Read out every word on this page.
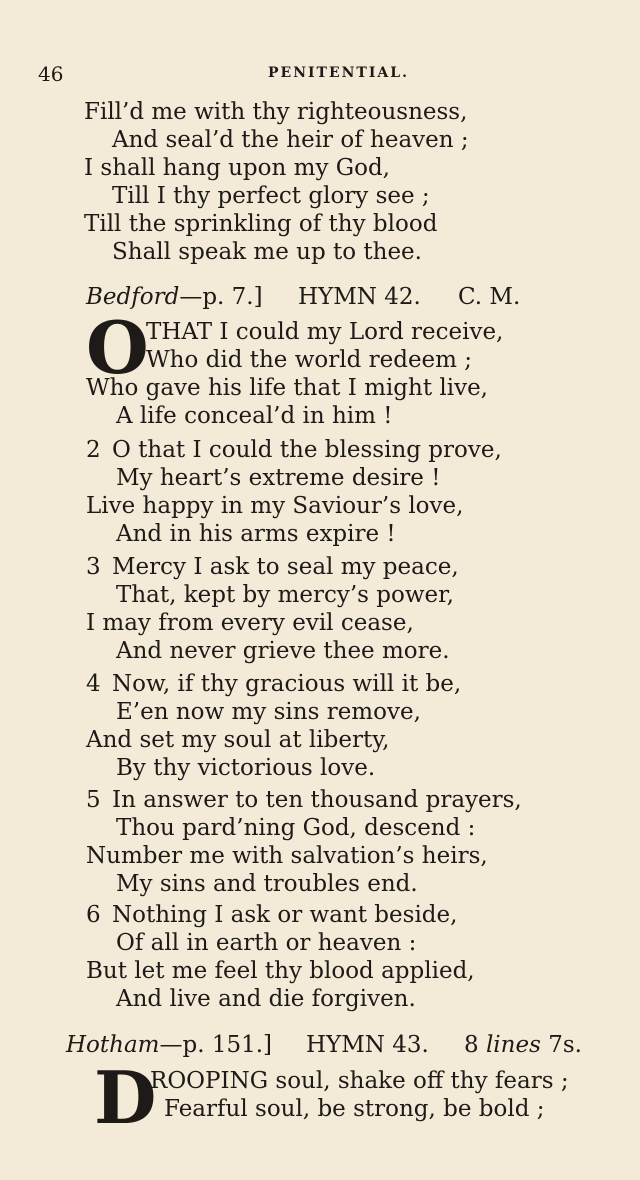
46	PENITENTIAL.
Fill’d me with thy righteousness,
And seal’d the heir of heaven ;
I shall hang upon my God,
Till I thy perfect glory see ;
Till the sprinkling of thy blood
Shall speak me up to thee.
Bedford—p. 7.] HYMN 42. C. M.
O
THAT I could my Lord receive,
Who did the world redeem ;
Who gave his life that I might live,
A life conceal’d in him !
2 O that I could the blessing prove,
My heart’s extreme desire !
Live happy in my Saviour’s love,
And in his arms expire !
3 Mercy I ask to seal my peace,
That, kept by mercy’s power,
I may from every evil cease,
And never grieve thee more.
4 Now, if thy gracious will it be,
E’en now my sins remove,
And set my soul at liberty,
By thy victorious love.
5 In answer to ten thousand prayers,
Thou pard’ning God, descend :
Number me with salvation’s heirs,
My sins and troubles end.
6 Nothing I ask or want beside,
Of all in earth or heaven :
But let me feel thy blood applied,
And live and die forgiven.
Hotham—p. 151.] HYMN 43. 8 lines 7s.
D
ROOPING soul, shake off thy fears ;
Fearful soul, be strong, be bold ;
